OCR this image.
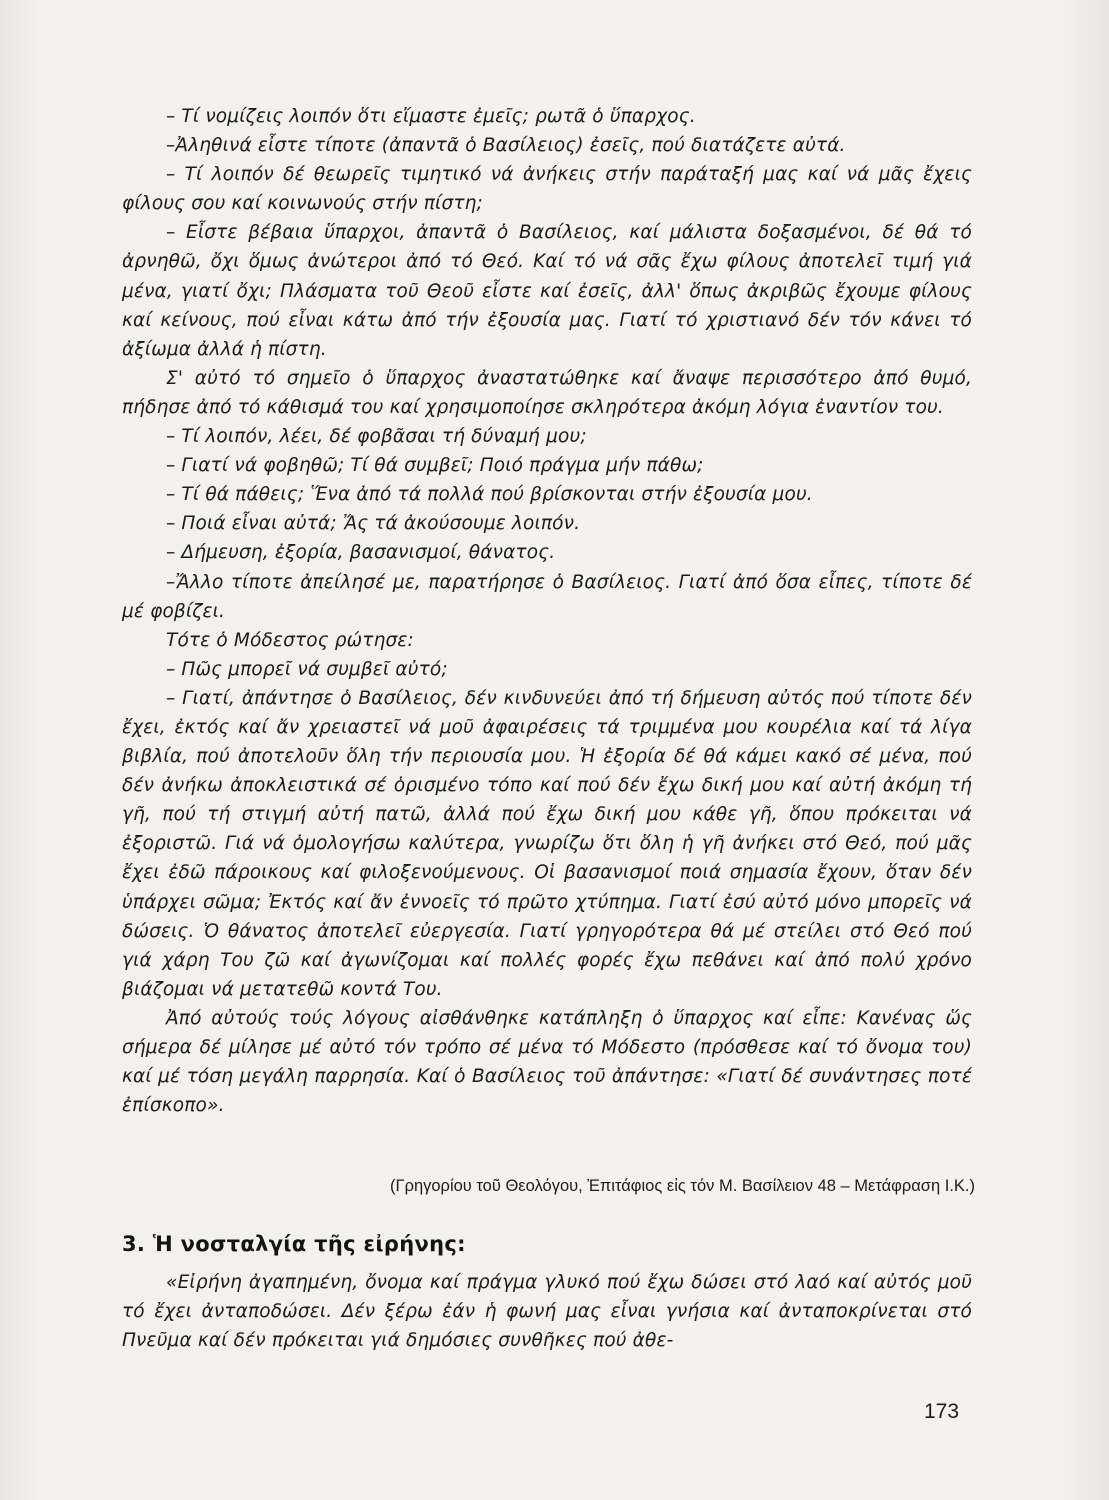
– Τί νομίζεις λοιπόν ὅτι εἴμαστε ἐμεῖς; ρωτᾶ ὁ ὕπαρχος.

–Ἀληθινά εἶστε τίποτε (ἀπαντᾶ ὁ Βασίλειος) ἐσεῖς, πού διατάζετε αὐτά.

– Τί λοιπόν δέ θεωρεῖς τιμητικό νά ἀνήκεις στήν παράταξή μας καί νά μᾶς ἔχεις φίλους σου καί κοινωνούς στήν πίστη;

– Εἶστε βέβαια ὕπαρχοι, ἀπαντᾶ ὁ Βασίλειος, καί μάλιστα δοξασμένοι, δέ θά τό ἀρνηθῶ, ὄχι ὅμως ἀνώτεροι ἀπό τό Θεό. Καί τό νά σᾶς ἔχω φίλους ἀποτελεῖ τιμή γιά μένα, γιατί ὄχι; Πλάσματα τοῦ Θεοῦ εἶστε καί ἐσεῖς, ἀλλ' ὅπως ἀκριβῶς ἔχουμε φίλους καί κείνους, πού εἶναι κάτω ἀπό τήν ἐξουσία μας. Γιατί τό χριστιανό δέν τόν κάνει τό ἀξίωμα ἀλλά ἡ πίστη.

Σ' αὐτό τό σημεῖο ὁ ὕπαρχος ἀναστατώθηκε καί ἄναψε περισσότερο ἀπό θυμό, πήδησε ἀπό τό κάθισμά του καί χρησιμοποίησε σκληρότερα ἀκόμη λόγια ἐναντίον του.

– Τί λοιπόν, λέει, δέ φοβᾶσαι τή δύναμή μου;

– Γιατί νά φοβηθῶ; Τί θά συμβεῖ; Ποιό πράγμα μήν πάθω;

– Τί θά πάθεις; Ἕνα ἀπό τά πολλά πού βρίσκονται στήν ἐξουσία μου.

– Ποιά εἶναι αὐτά; Ἄς τά ἀκούσουμε λοιπόν.

– Δήμευση, ἐξορία, βασανισμοί, θάνατος.

–Ἄλλο τίποτε ἀπείλησέ με, παρατήρησε ὁ Βασίλειος. Γιατί ἀπό ὅσα εἶπες, τίποτε δέ μέ φοβίζει.

Τότε ὁ Μόδεστος ρώτησε:

– Πῶς μπορεῖ νά συμβεῖ αὐτό;

– Γιατί, ἀπάντησε ὁ Βασίλειος, δέν κινδυνεύει ἀπό τή δήμευση αὐτός πού τίποτε δέν ἔχει, ἐκτός καί ἄν χρειαστεῖ νά μοῦ ἀφαιρέσεις τά τριμμένα μου κουρέλια καί τά λίγα βιβλία, πού ἀποτελοῦν ὅλη τήν περιουσία μου. Ἡ ἐξορία δέ θά κάμει κακό σέ μένα, πού δέν ἀνήκω ἀποκλειστικά σέ ὁρισμένο τόπο καί πού δέν ἔχω δική μου καί αὐτή ἀκόμη τή γῆ, πού τή στιγμή αὐτή πατῶ, ἀλλά πού ἔχω δική μου κάθε γῆ, ὅπου πρόκειται νά ἐξοριστῶ. Γιά νά ὁμολογήσω καλύτερα, γνωρίζω ὅτι ὅλη ἡ γῆ ἀνήκει στό Θεό, πού μᾶς ἔχει ἐδῶ πάροικους καί φιλοξενούμενους. Οἱ βασανισμοί ποιά σημασία ἔχουν, ὅταν δέν ὑπάρχει σῶμα; Ἐκτός καί ἄν ἐννοεῖς τό πρῶτο χτύπημα. Γιατί ἐσύ αὐτό μόνο μπορεῖς νά δώσεις. Ὁ θάνατος ἀποτελεῖ εὐεργεσία. Γιατί γρηγορότερα θά μέ στείλει στό Θεό πού γιά χάρη Του ζῶ καί ἀγωνίζομαι καί πολλές φορές ἔχω πεθάνει καί ἀπό πολύ χρόνο βιάζομαι νά μετατεθῶ κοντά Του.

Ἀπό αὐτούς τούς λόγους αἰσθάνθηκε κατάπληξη ὁ ὕπαρχος καί εἶπε: Κανένας ὥς σήμερα δέ μίλησε μέ αὐτό τόν τρόπο σέ μένα τό Μόδεστο (πρόσθεσε καί τό ὄνομα του) καί μέ τόση μεγάλη παρρησία. Καί ὁ Βασίλειος τοῦ ἀπάντησε: «Γιατί δέ συνάντησες ποτέ ἐπίσκοπο».

(Γρηγορίου τοῦ Θεολόγου, Ἐπιτάφιος εἰς τόν Μ. Βασίλειον 48 – Μετάφραση Ι.Κ.)
3. Ἡ νοσταλγία τῆς εἰρήνης:

«Εἰρήνη ἀγαπημένη, ὄνομα καί πράγμα γλυκό πού ἔχω δώσει στό λαό καί αὐτός μοῦ τό ἔχει ἀνταποδώσει. Δέν ξέρω ἐάν ἡ φωνή μας εἶναι γνήσια καί ἀνταποκρίνεται στό Πνεῦμα καί δέν πρόκειται γιά δημόσιες συνθῆκες πού ἀθε-

173
